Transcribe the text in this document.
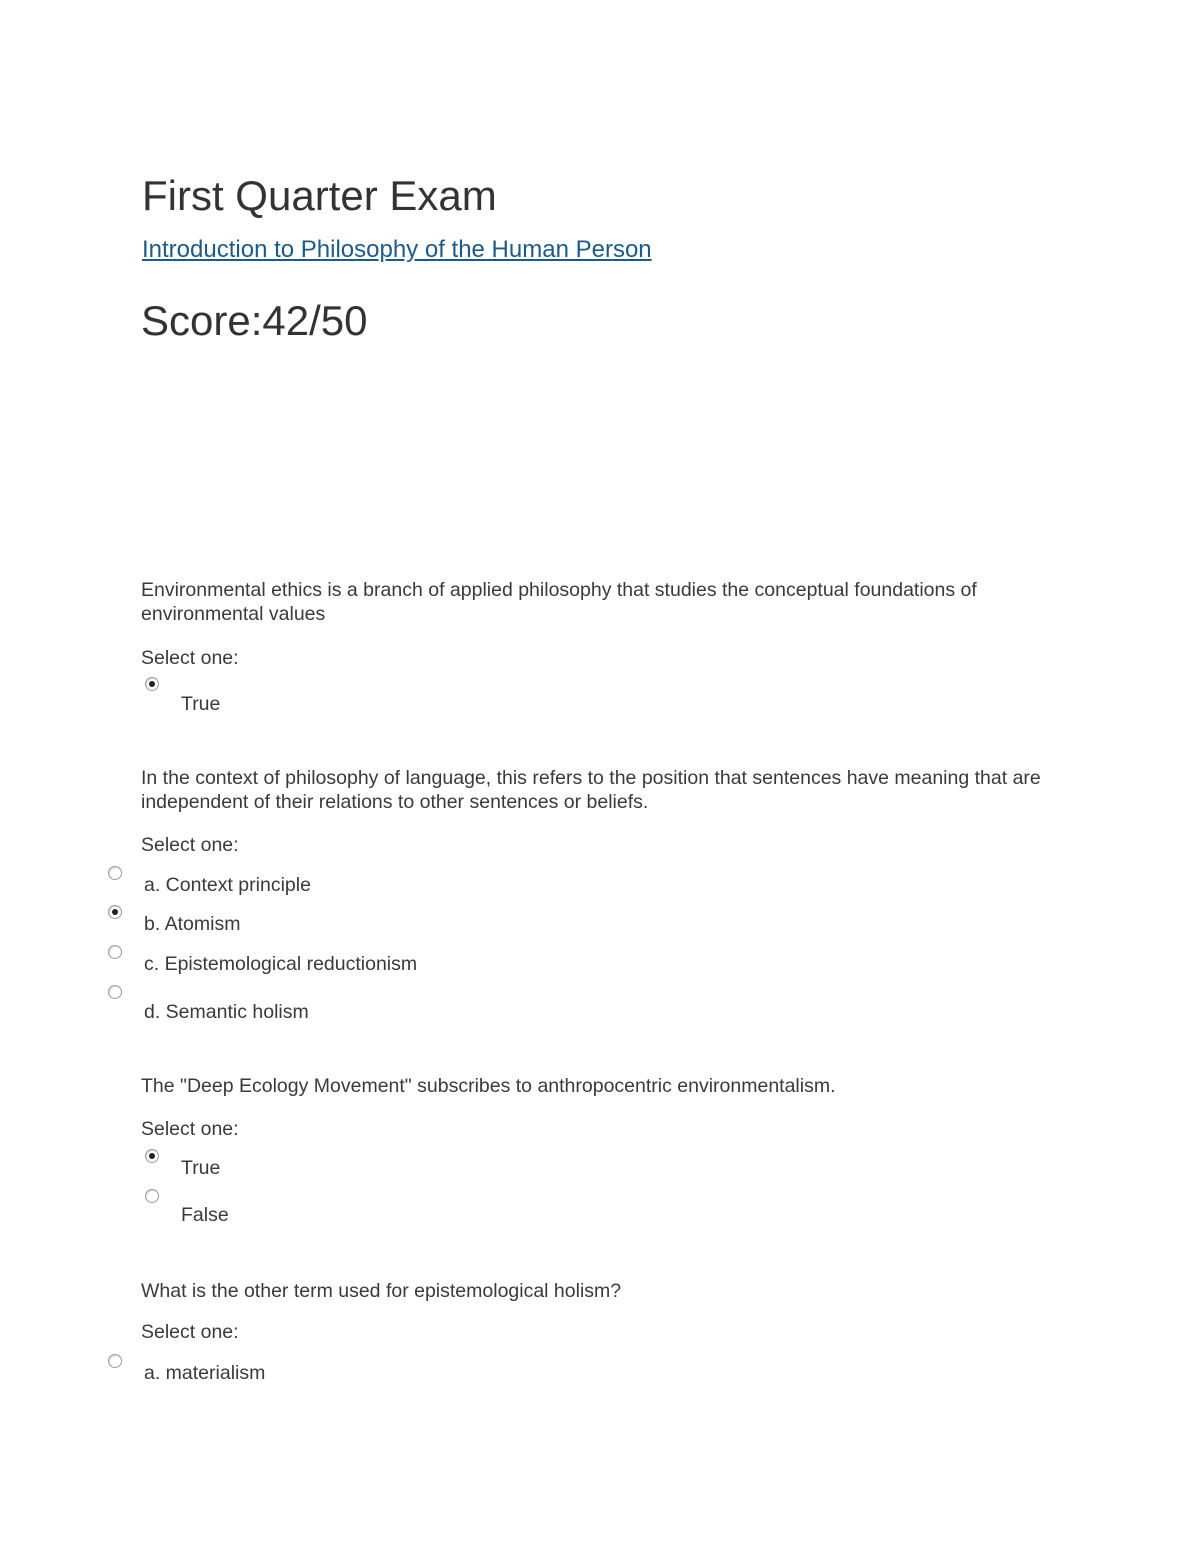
First Quarter Exam
Introduction to Philosophy of the Human Person
Score:42/50
Environmental ethics is a branch of applied philosophy that studies the conceptual foundations of environmental values
Select one:
True
In the context of philosophy of language, this refers to the position that sentences have meaning that are independent of their relations to other sentences or beliefs.
Select one:
a. Context principle
b. Atomism
c. Epistemological reductionism
d. Semantic holism
The "Deep Ecology Movement" subscribes to anthropocentric environmentalism.
Select one:
True
False
What is the other term used for epistemological holism?
Select one:
a. materialism
